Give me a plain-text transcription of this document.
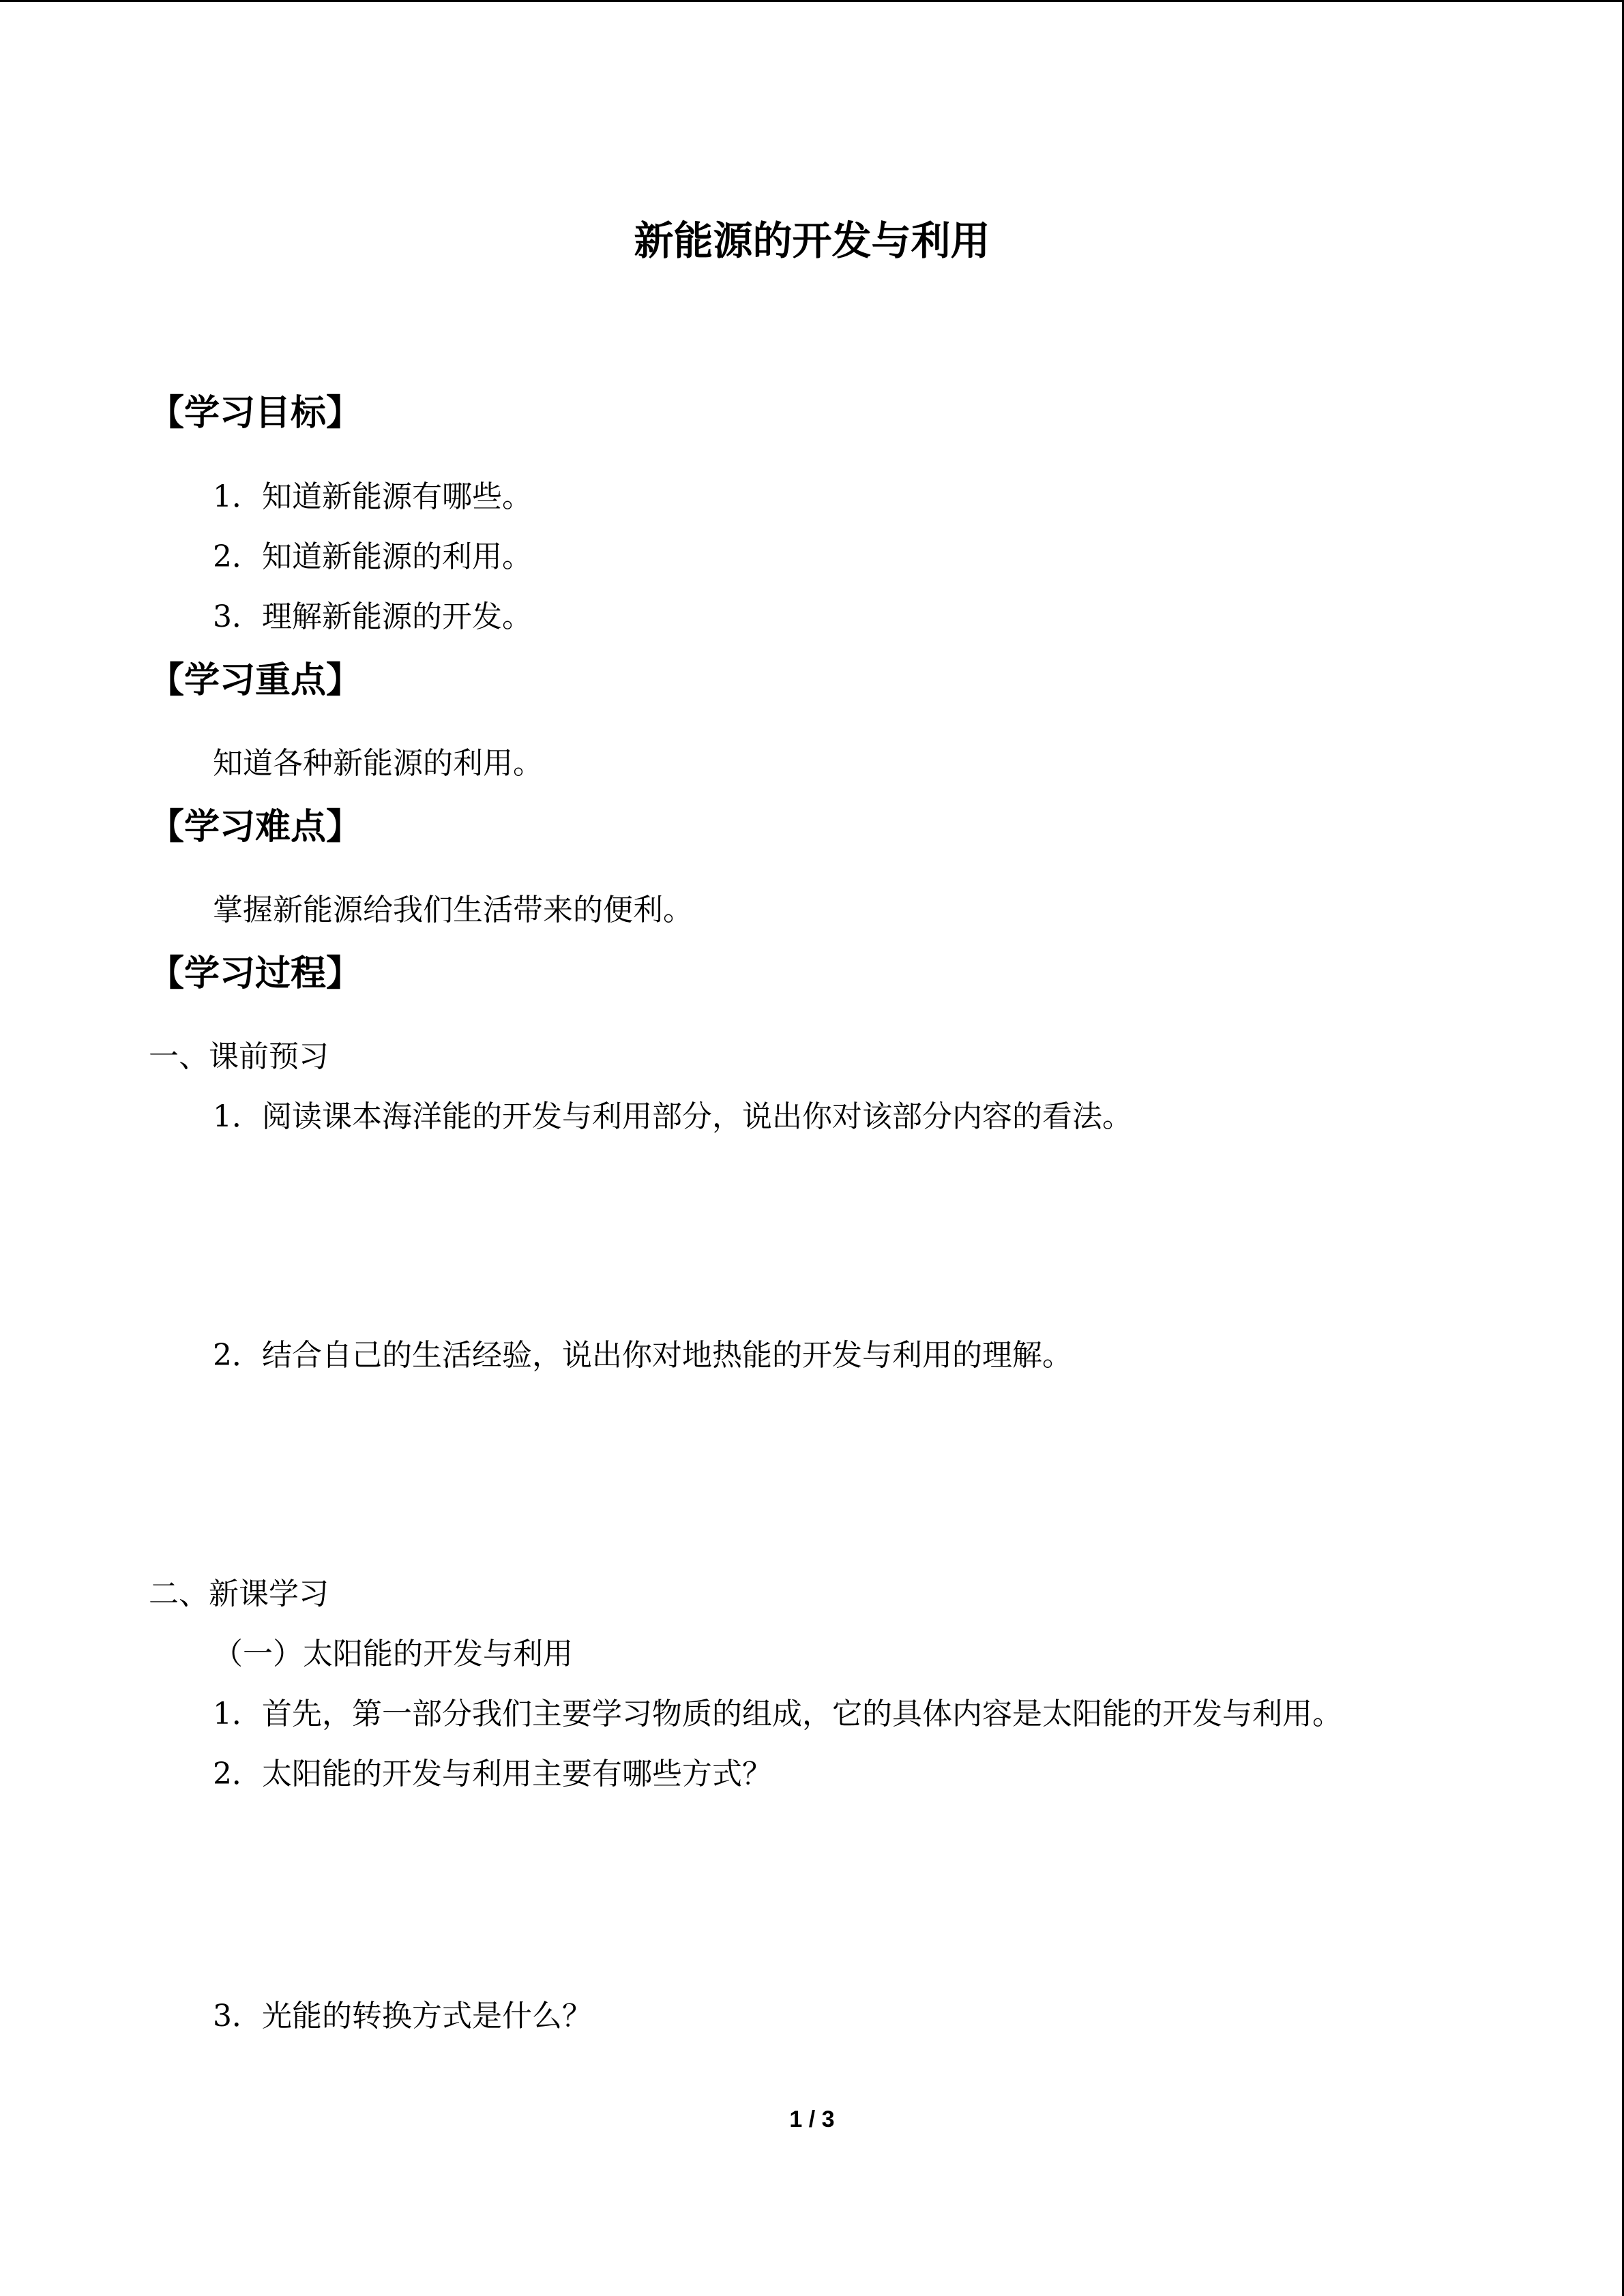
新能源的开发与利用
【学习目标】
1．知道新能源有哪些。
2．知道新能源的利用。
3．理解新能源的开发。
【学习重点】
知道各种新能源的利用。
【学习难点】
掌握新能源给我们生活带来的便利。
【学习过程】
一、课前预习
1．阅读课本海洋能的开发与利用部分，说出你对该部分内容的看法。
2．结合自己的生活经验，说出你对地热能的开发与利用的理解。
二、新课学习
（一）太阳能的开发与利用
1．首先，第一部分我们主要学习物质的组成，它的具体内容是太阳能的开发与利用。
2．太阳能的开发与利用主要有哪些方式？
3．光能的转换方式是什么？
1 / 3
